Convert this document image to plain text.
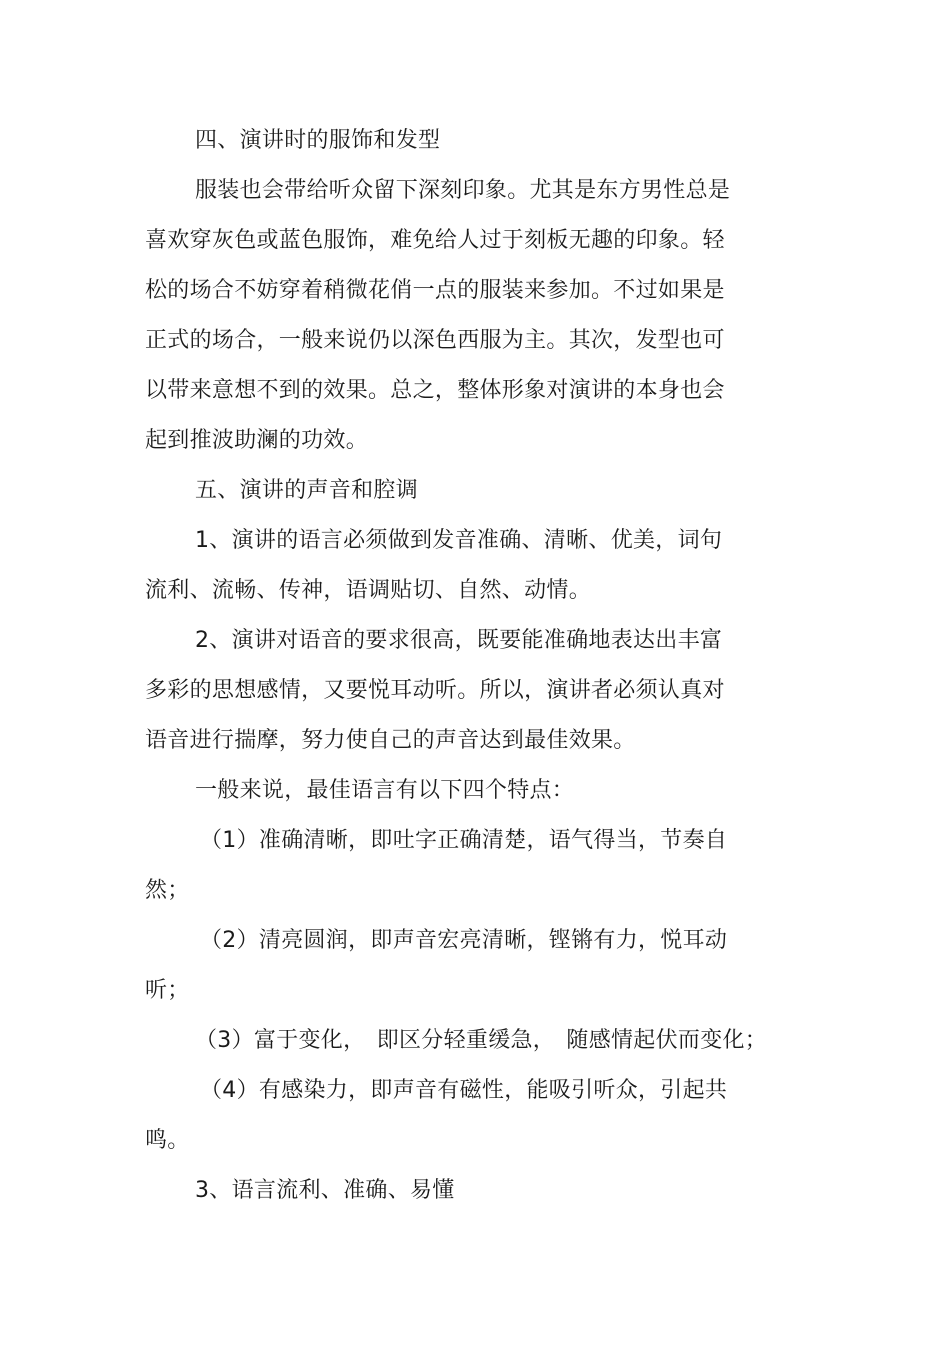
四、演讲时的服饰和发型
服装也会带给听众留下深刻印象。尤其是东方男性总是
喜欢穿灰色或蓝色服饰，难免给人过于刻板无趣的印象。轻
松的场合不妨穿着稍微花俏一点的服装来参加。不过如果是
正式的场合，一般来说仍以深色西服为主。其次，发型也可
以带来意想不到的效果。总之，整体形象对演讲的本身也会
起到推波助澜的功效。
五、演讲的声音和腔调
1、演讲的语言必须做到发音准确、清晰、优美，词句
流利、流畅、传神，语调贴切、自然、动情。
2、演讲对语音的要求很高，既要能准确地表达出丰富
多彩的思想感情，又要悦耳动听。所以，演讲者必须认真对
语音进行揣摩，努力使自己的声音达到最佳效果。
一般来说，最佳语言有以下四个特点：
（1）准确清晰，即吐字正确清楚，语气得当，节奏自
然；
（2）清亮圆润，即声音宏亮清晰，铿锵有力，悦耳动
听；
（3）富于变化，　即区分轻重缓急，　随感情起伏而变化；
（4）有感染力，即声音有磁性，能吸引听众，引起共
鸣。
3、语言流利、准确、易懂
